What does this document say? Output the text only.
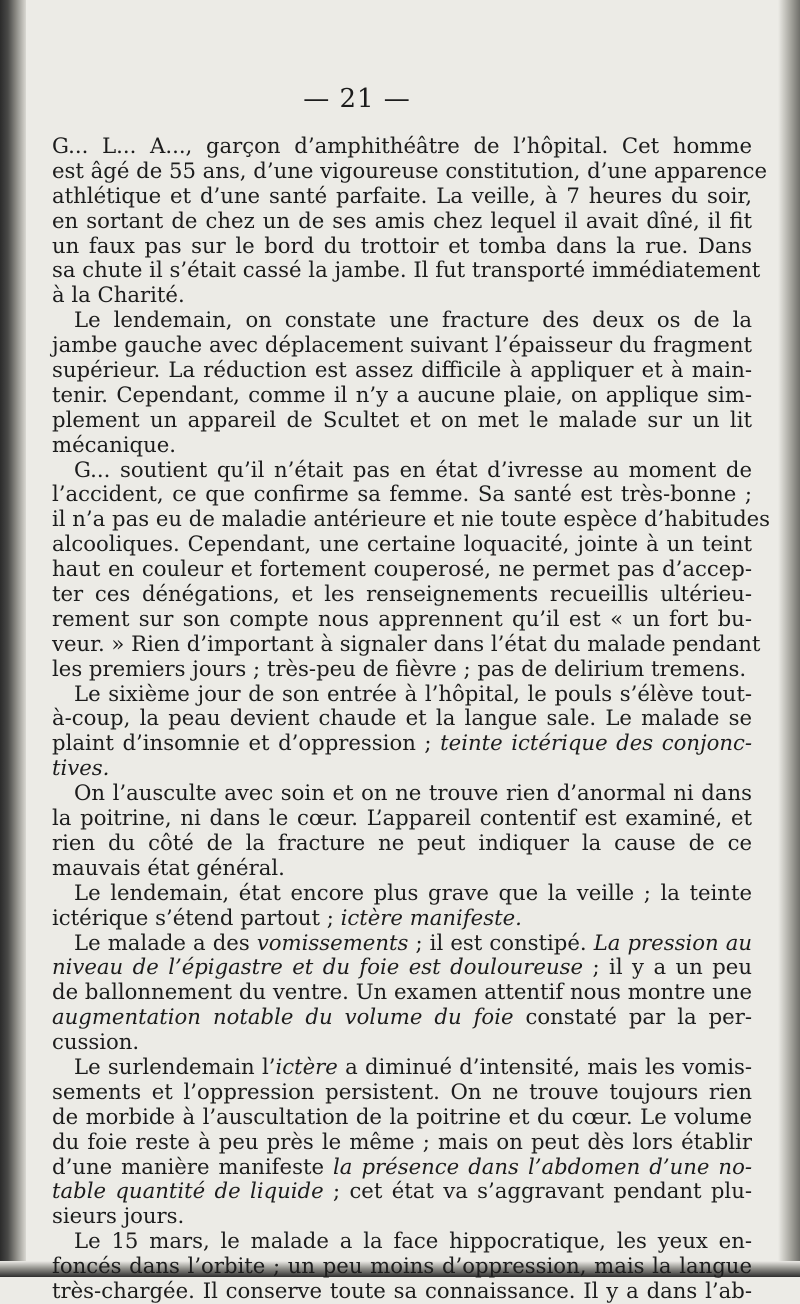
— 21 —
G... L... A..., garçon d’amphithéâtre de l’hôpital. Cet homme
est âgé de 55 ans, d’une vigoureuse constitution, d’une apparence
athlétique et d’une santé parfaite. La veille, à 7 heures du soir,
en sortant de chez un de ses amis chez lequel il avait dîné, il fit
un faux pas sur le bord du trottoir et tomba dans la rue. Dans
sa chute il s’était cassé la jambe. Il fut transporté immédiatement
à la Charité.
Le lendemain, on constate une fracture des deux os de la
jambe gauche avec déplacement suivant l’épaisseur du fragment
supérieur. La réduction est assez difficile à appliquer et à main-
tenir. Cependant, comme il n’y a aucune plaie, on applique sim-
plement un appareil de Scultet et on met le malade sur un lit
mécanique.
G... soutient qu’il n’était pas en état d’ivresse au moment de
l’accident, ce que confirme sa femme. Sa santé est très-bonne ;
il n’a pas eu de maladie antérieure et nie toute espèce d’habitudes
alcooliques. Cependant, une certaine loquacité, jointe à un teint
haut en couleur et fortement couperosé, ne permet pas d’accep-
ter ces dénégations, et les renseignements recueillis ultérieu-
rement sur son compte nous apprennent qu’il est « un fort bu-
veur. » Rien d’important à signaler dans l’état du malade pendant
les premiers jours ; très-peu de fièvre ; pas de delirium tremens.
Le sixième jour de son entrée à l’hôpital, le pouls s’élève tout-
à-coup, la peau devient chaude et la langue sale. Le malade se
plaint d’insomnie et d’oppression ; teinte ictérique des conjonc-
tives.
On l’ausculte avec soin et on ne trouve rien d’anormal ni dans
la poitrine, ni dans le cœur. L’appareil contentif est examiné, et
rien du côté de la fracture ne peut indiquer la cause de ce
mauvais état général.
Le lendemain, état encore plus grave que la veille ; la teinte
ictérique s’étend partout ; ictère manifeste.
Le malade a des vomissements ; il est constipé. La pression au
niveau de l’épigastre et du foie est douloureuse ; il y a un peu
de ballonnement du ventre. Un examen attentif nous montre une
augmentation notable du volume du foie constaté par la per-
cussion.
Le surlendemain l’ictère a diminué d’intensité, mais les vomis-
sements et l’oppression persistent. On ne trouve toujours rien
de morbide à l’auscultation de la poitrine et du cœur. Le volume
du foie reste à peu près le même ; mais on peut dès lors établir
d’une manière manifeste la présence dans l’abdomen d’une no-
table quantité de liquide ; cet état va s’aggravant pendant plu-
sieurs jours.
Le 15 mars, le malade a la face hippocratique, les yeux en-
foncés dans l’orbite ; un peu moins d’oppression, mais la langue
très-chargée. Il conserve toute sa connaissance. Il y a dans l’ab-
